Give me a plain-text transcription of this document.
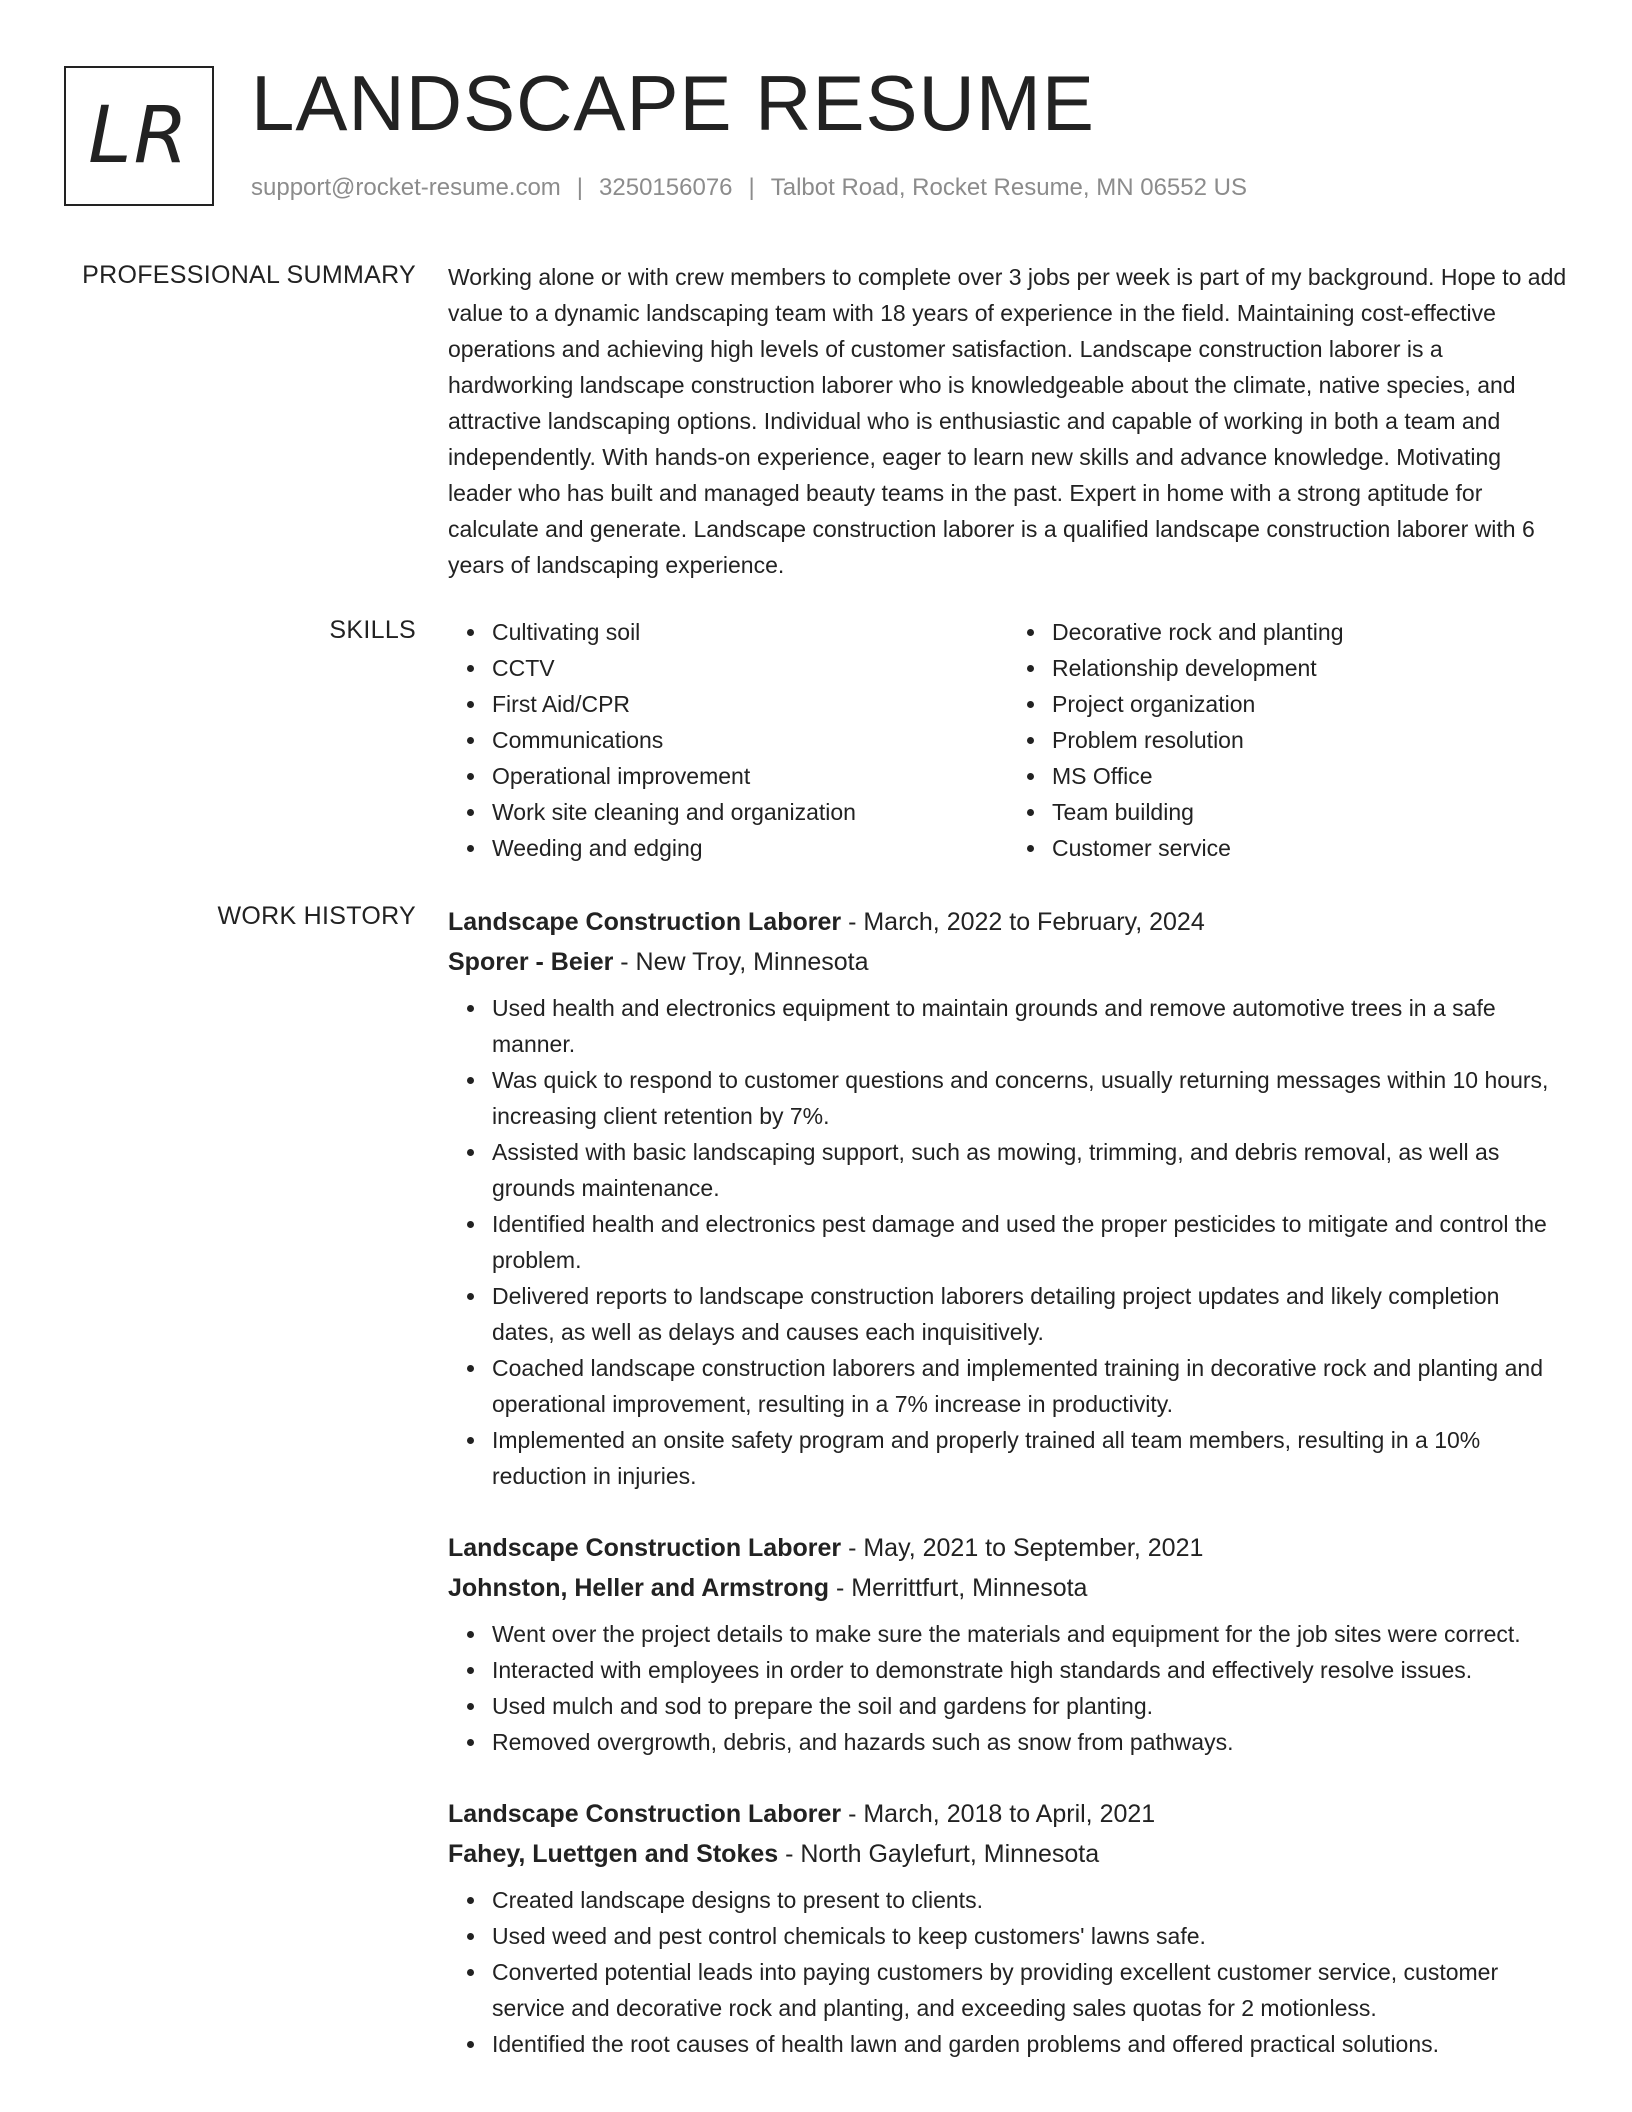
LR LANDSCAPE RESUME
support@rocket-resume.com | 3250156076 | Talbot Road, Rocket Resume, MN 06552 US
PROFESSIONAL SUMMARY Working alone or with crew members to complete over 3 jobs per week is part of my background. Hope to add value to a dynamic landscaping team with 18 years of experience in the field. Maintaining cost-effective operations and achieving high levels of customer satisfaction. Landscape construction laborer is a hardworking landscape construction laborer who is knowledgeable about the climate, native species, and attractive landscaping options. Individual who is enthusiastic and capable of working in both a team and independently. With hands-on experience, eager to learn new skills and advance knowledge. Motivating leader who has built and managed beauty teams in the past. Expert in home with a strong aptitude for calculate and generate. Landscape construction laborer is a qualified landscape construction laborer with 6 years of landscaping experience.
SKILLS	Cultivating soil
CCTV
First Aid/CPR
Communications
Operational improvement
Work site cleaning and organization
Weeding and edging
Decorative rock and planting
Relationship development
Project organization
Problem resolution
MS Office
Team building
Customer service
WORK HISTORY Landscape Construction Laborer - March, 2022 to February, 2024
Sporer - Beier - New Troy, Minnesota
Used health and electronics equipment to maintain grounds and remove automotive trees in a safe manner.
Was quick to respond to customer questions and concerns, usually returning messages within 10 hours, increasing client retention by 7%.
Assisted with basic landscaping support, such as mowing, trimming, and debris removal, as well as grounds maintenance.
Identified health and electronics pest damage and used the proper pesticides to mitigate and control the problem.
Delivered reports to landscape construction laborers detailing project updates and likely completion dates, as well as delays and causes each inquisitively.
Coached landscape construction laborers and implemented training in decorative rock and planting and operational improvement, resulting in a 7% increase in productivity.
Implemented an onsite safety program and properly trained all team members, resulting in a 10% reduction in injuries.
Landscape Construction Laborer - May, 2021 to September, 2021
Johnston, Heller and Armstrong - Merrittfurt, Minnesota
Went over the project details to make sure the materials and equipment for the job sites were correct.
Interacted with employees in order to demonstrate high standards and effectively resolve issues.
Used mulch and sod to prepare the soil and gardens for planting.
Removed overgrowth, debris, and hazards such as snow from pathways.
Landscape Construction Laborer - March, 2018 to April, 2021
Fahey, Luettgen and Stokes - North Gaylefurt, Minnesota
Created landscape designs to present to clients.
Used weed and pest control chemicals to keep customers' lawns safe.
Converted potential leads into paying customers by providing excellent customer service, customer service and decorative rock and planting, and exceeding sales quotas for 2 motionless.
Identified the root causes of health lawn and garden problems and offered practical solutions.
